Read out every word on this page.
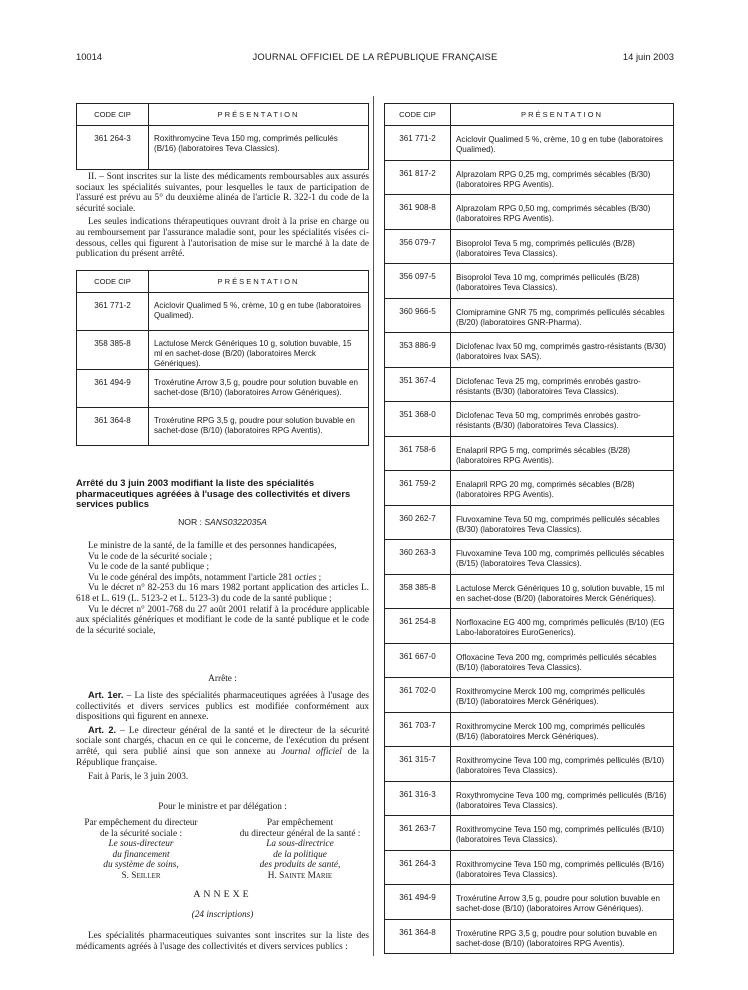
10014	JOURNAL OFFICIEL DE LA RÉPUBLIQUE FRANÇAISE	14 juin 2003
CODE CIP	PRÉSENTATION
361 264-3	Roxithromycine Teva 150 mg, comprimés pelliculés (B/16) (laboratoires Teva Classics).

II. – Sont inscrites sur la liste des médicaments remboursables aux assurés sociaux les spécialités suivantes, pour lesquelles le taux de participation de l'assuré est prévu au 5° du deuxième alinéa de l'article R. 322-1 du code de la sécurité sociale.

Les seules indications thérapeutiques ouvrant droit à la prise en charge ou au remboursement par l'assurance maladie sont, pour les spécialités visées ci-dessous, celles qui figurent à l'autorisation de mise sur le marché à la date de publication du présent arrêté.

CODE CIP	PRÉSENTATION
361 771-2	Aciclovir Qualimed 5 %, crème, 10 g en tube (laboratoires Qualimed).
358 385-8	Lactulose Merck Génériques 10 g, solution buvable, 15 ml en sachet-dose (B/20) (laboratoires Merck Génériques).
361 494-9	Troxérutine Arrow 3,5 g, poudre pour solution buvable en sachet-dose (B/10) (laboratoires Arrow Génériques).
361 364-8	Troxérutine RPG 3,5 g, poudre pour solution buvable en sachet-dose (B/10) (laboratoires RPG Aventis).
Arrêté du 3 juin 2003 modifiant la liste des spécialités pharmaceutiques agréées à l'usage des collectivités et divers services publics
NOR : SANS0322035A

Le ministre de la santé, de la famille et des personnes handicapées,

Vu le code de la sécurité sociale ;

Vu le code de la santé publique ;

Vu le code général des impôts, notamment l'article 281 octies ;

Vu le décret n° 82-253 du 16 mars 1982 portant application des articles L. 618 et L. 619 (L. 5123-2 et L. 5123-3) du code de la santé publique ;

Vu le décret n° 2001-768 du 27 août 2001 relatif à la procédure applicable aux spécialités génériques et modifiant le code de la santé publique et le code de la sécurité sociale,

Arrête :

Art. 1er. – La liste des spécialités pharmaceutiques agréées à l'usage des collectivités et divers services publics est modifiée conformément aux dispositions qui figurent en annexe.

Art. 2. – Le directeur général de la santé et le directeur de la sécurité sociale sont chargés, chacun en ce qui le concerne, de l'exécution du présent arrêté, qui sera publié ainsi que son annexe au Journal officiel de la République française.

Fait à Paris, le 3 juin 2003.

Pour le ministre et par délégation :
Par empêchement du directeur
de la sécurité sociale :
Le sous-directeur
du financement
du système de soins,
S. Seiller
Par empêchement
du directeur général de la santé :
La sous-directrice
de la politique
des produits de santé,
H. Sainte Marie
ANNEXE
(24 inscriptions)

Les spécialités pharmaceutiques suivantes sont inscrites sur la liste des médicaments agréés à l'usage des collectivités et divers services publics :

CODE CIP	PRÉSENTATION
361 771-2	Aciclovir Qualimed 5 %, crème, 10 g en tube (laboratoires Qualimed).
361 817-2	Alprazolam RPG 0,25 mg, comprimés sécables (B/30) (laboratoires RPG Aventis).
361 908-8	Alprazolam RPG 0,50 mg, comprimés sécables (B/30) (laboratoires RPG Aventis).
356 079-7	Bisoprolol Teva 5 mg, comprimés pelliculés (B/28) (laboratoires Teva Classics).
356 097-5	Bisoprolol Teva 10 mg, comprimés pelliculés (B/28) (laboratoires Teva Classics).
360 966-5	Clomipramine GNR 75 mg, comprimés pelliculés sécables (B/20) (laboratoires GNR-Pharma).
353 886-9	Diclofenac Ivax 50 mg, comprimés gastro-résistants (B/30) (laboratoires Ivax SAS).
351 367-4	Diclofenac Teva 25 mg, comprimés enrobés gastro-résistants (B/30) (laboratoires Teva Classics).
351 368-0	Diclofenac Teva 50 mg, comprimés enrobés gastro-résistants (B/30) (laboratoires Teva Classics).
361 758-6	Enalapril RPG 5 mg, comprimés sécables (B/28) (laboratoires RPG Aventis).
361 759-2	Enalapril RPG 20 mg, comprimés sécables (B/28) (laboratoires RPG Aventis).
360 262-7	Fluvoxamine Teva 50 mg, comprimés pelliculés sécables (B/30) (laboratoires Teva Classics).
360 263-3	Fluvoxamine Teva 100 mg, comprimés pelliculés sécables (B/15) (laboratoires Teva Classics).
358 385-8	Lactulose Merck Génériques 10 g, solution buvable, 15 ml en sachet-dose (B/20) (laboratoires Merck Génériques).
361 254-8	Norfloxacine EG 400 mg, comprimés pelliculés (B/10) (EG Labo-laboratoires EuroGenerics).
361 667-0	Ofloxacine Teva 200 mg, comprimés pelliculés sécables (B/10) (laboratoires Teva Classics).
361 702-0	Roxithromycine Merck 100 mg, comprimés pelliculés (B/10) (laboratoires Merck Génériques).
361 703-7	Roxithromycine Merck 100 mg, comprimés pelliculés (B/16) (laboratoires Merck Génériques).
361 315-7	Roxithromycine Teva 100 mg, comprimés pelliculés (B/10)(laboratoires Teva Classics).
361 316-3	Roxythromycine Teva 100 mg, comprimés pelliculés (B/16) (laboratoires Teva Classics).
361 263-7	Roxithromycine Teva 150 mg, comprimés pelliculés (B/10) (laboratoires Teva Classics).
361 264-3	Roxithromycine Teva 150 mg, comprimés pelliculés (B/16) (laboratoires Teva Classics).
361 494-9	Troxérutine Arrow 3,5 g, poudre pour solution buvable en sachet-dose (B/10) (laboratoires Arrow Génériques).
361 364-8	Troxérutine RPG 3,5 g, poudre pour solution buvable en sachet-dose (B/10) (laboratoires RPG Aventis).
